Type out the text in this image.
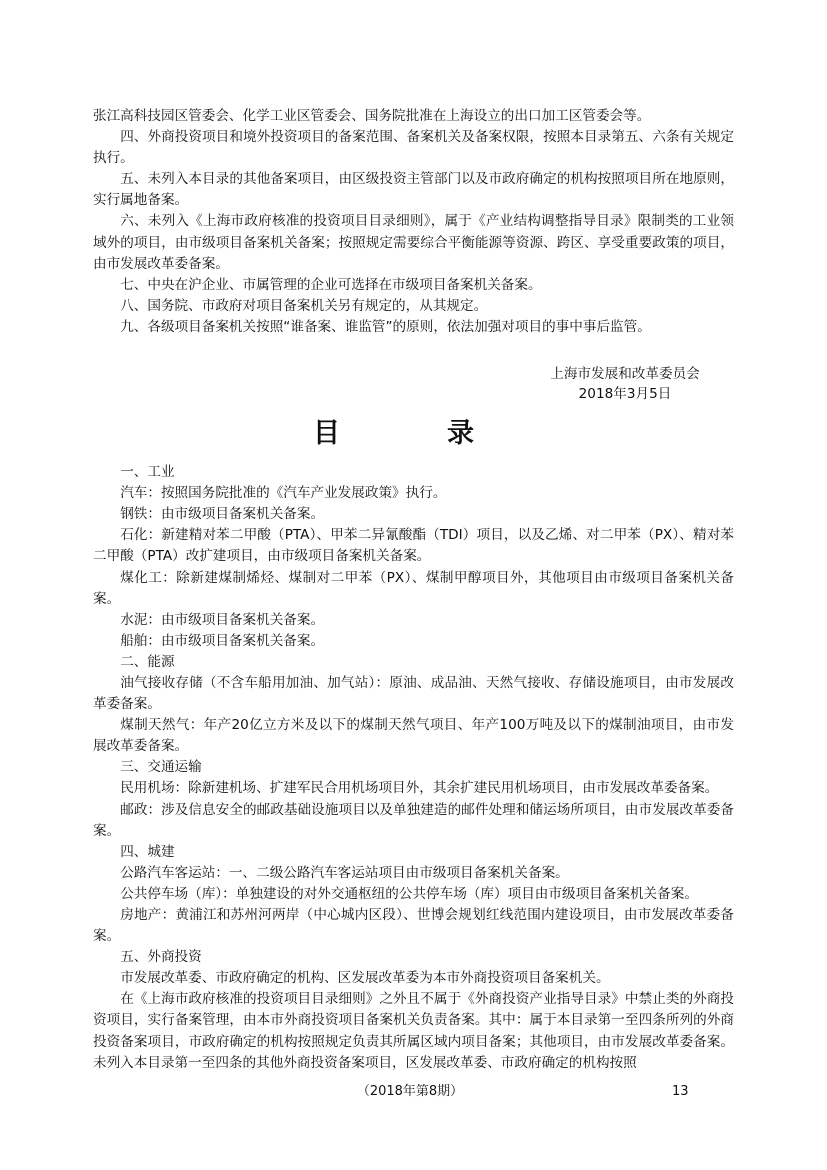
张江高科技园区管委会、化学工业区管委会、国务院批准在上海设立的出口加工区管委会等。

四、外商投资项目和境外投资项目的备案范围、备案机关及备案权限，按照本目录第五、六条有关规定执行。

五、未列入本目录的其他备案项目，由区级投资主管部门以及市政府确定的机构按照项目所在地原则，实行属地备案。

六、未列入《上海市政府核准的投资项目目录细则》，属于《产业结构调整指导目录》限制类的工业领域外的项目，由市级项目备案机关备案；按照规定需要综合平衡能源等资源、跨区、享受重要政策的项目，由市发展改革委备案。

七、中央在沪企业、市属管理的企业可选择在市级项目备案机关备案。

八、国务院、市政府对项目备案机关另有规定的，从其规定。

九、各级项目备案机关按照“谁备案、谁监管”的原则，依法加强对项目的事中事后监管。

上海市发展和改革委员会
2018年3月5日
目　录

一、工业

汽车：按照国务院批准的《汽车产业发展政策》执行。

钢铁：由市级项目备案机关备案。

石化：新建精对苯二甲酸（PTA）、甲苯二异氰酸酯（TDI）项目，以及乙烯、对二甲苯（PX）、精对苯二甲酸（PTA）改扩建项目，由市级项目备案机关备案。

煤化工：除新建煤制烯烃、煤制对二甲苯（PX）、煤制甲醇项目外，其他项目由市级项目备案机关备案。

水泥：由市级项目备案机关备案。

船舶：由市级项目备案机关备案。

二、能源

油气接收存储（不含车船用加油、加气站）：原油、成品油、天然气接收、存储设施项目，由市发展改革委备案。

煤制天然气：年产20亿立方米及以下的煤制天然气项目、年产100万吨及以下的煤制油项目，由市发展改革委备案。

三、交通运输

民用机场：除新建机场、扩建军民合用机场项目外，其余扩建民用机场项目，由市发展改革委备案。

邮政：涉及信息安全的邮政基础设施项目以及单独建造的邮件处理和储运场所项目，由市发展改革委备案。

四、城建

公路汽车客运站：一、二级公路汽车客运站项目由市级项目备案机关备案。

公共停车场（库）：单独建设的对外交通枢纽的公共停车场（库）项目由市级项目备案机关备案。

房地产：黄浦江和苏州河两岸（中心城内区段）、世博会规划红线范围内建设项目，由市发展改革委备案。

五、外商投资

市发展改革委、市政府确定的机构、区发展改革委为本市外商投资项目备案机关。

在《上海市政府核准的投资项目目录细则》之外且不属于《外商投资产业指导目录》中禁止类的外商投资项目，实行备案管理，由本市外商投资项目备案机关负责备案。其中：属于本目录第一至四条所列的外商投资备案项目，市政府确定的机构按照规定负责其所属区域内项目备案；其他项目，由市发展改革委备案。未列入本目录第一至四条的其他外商投资备案项目，区发展改革委、市政府确定的机构按照

（2018年第8期）	13
